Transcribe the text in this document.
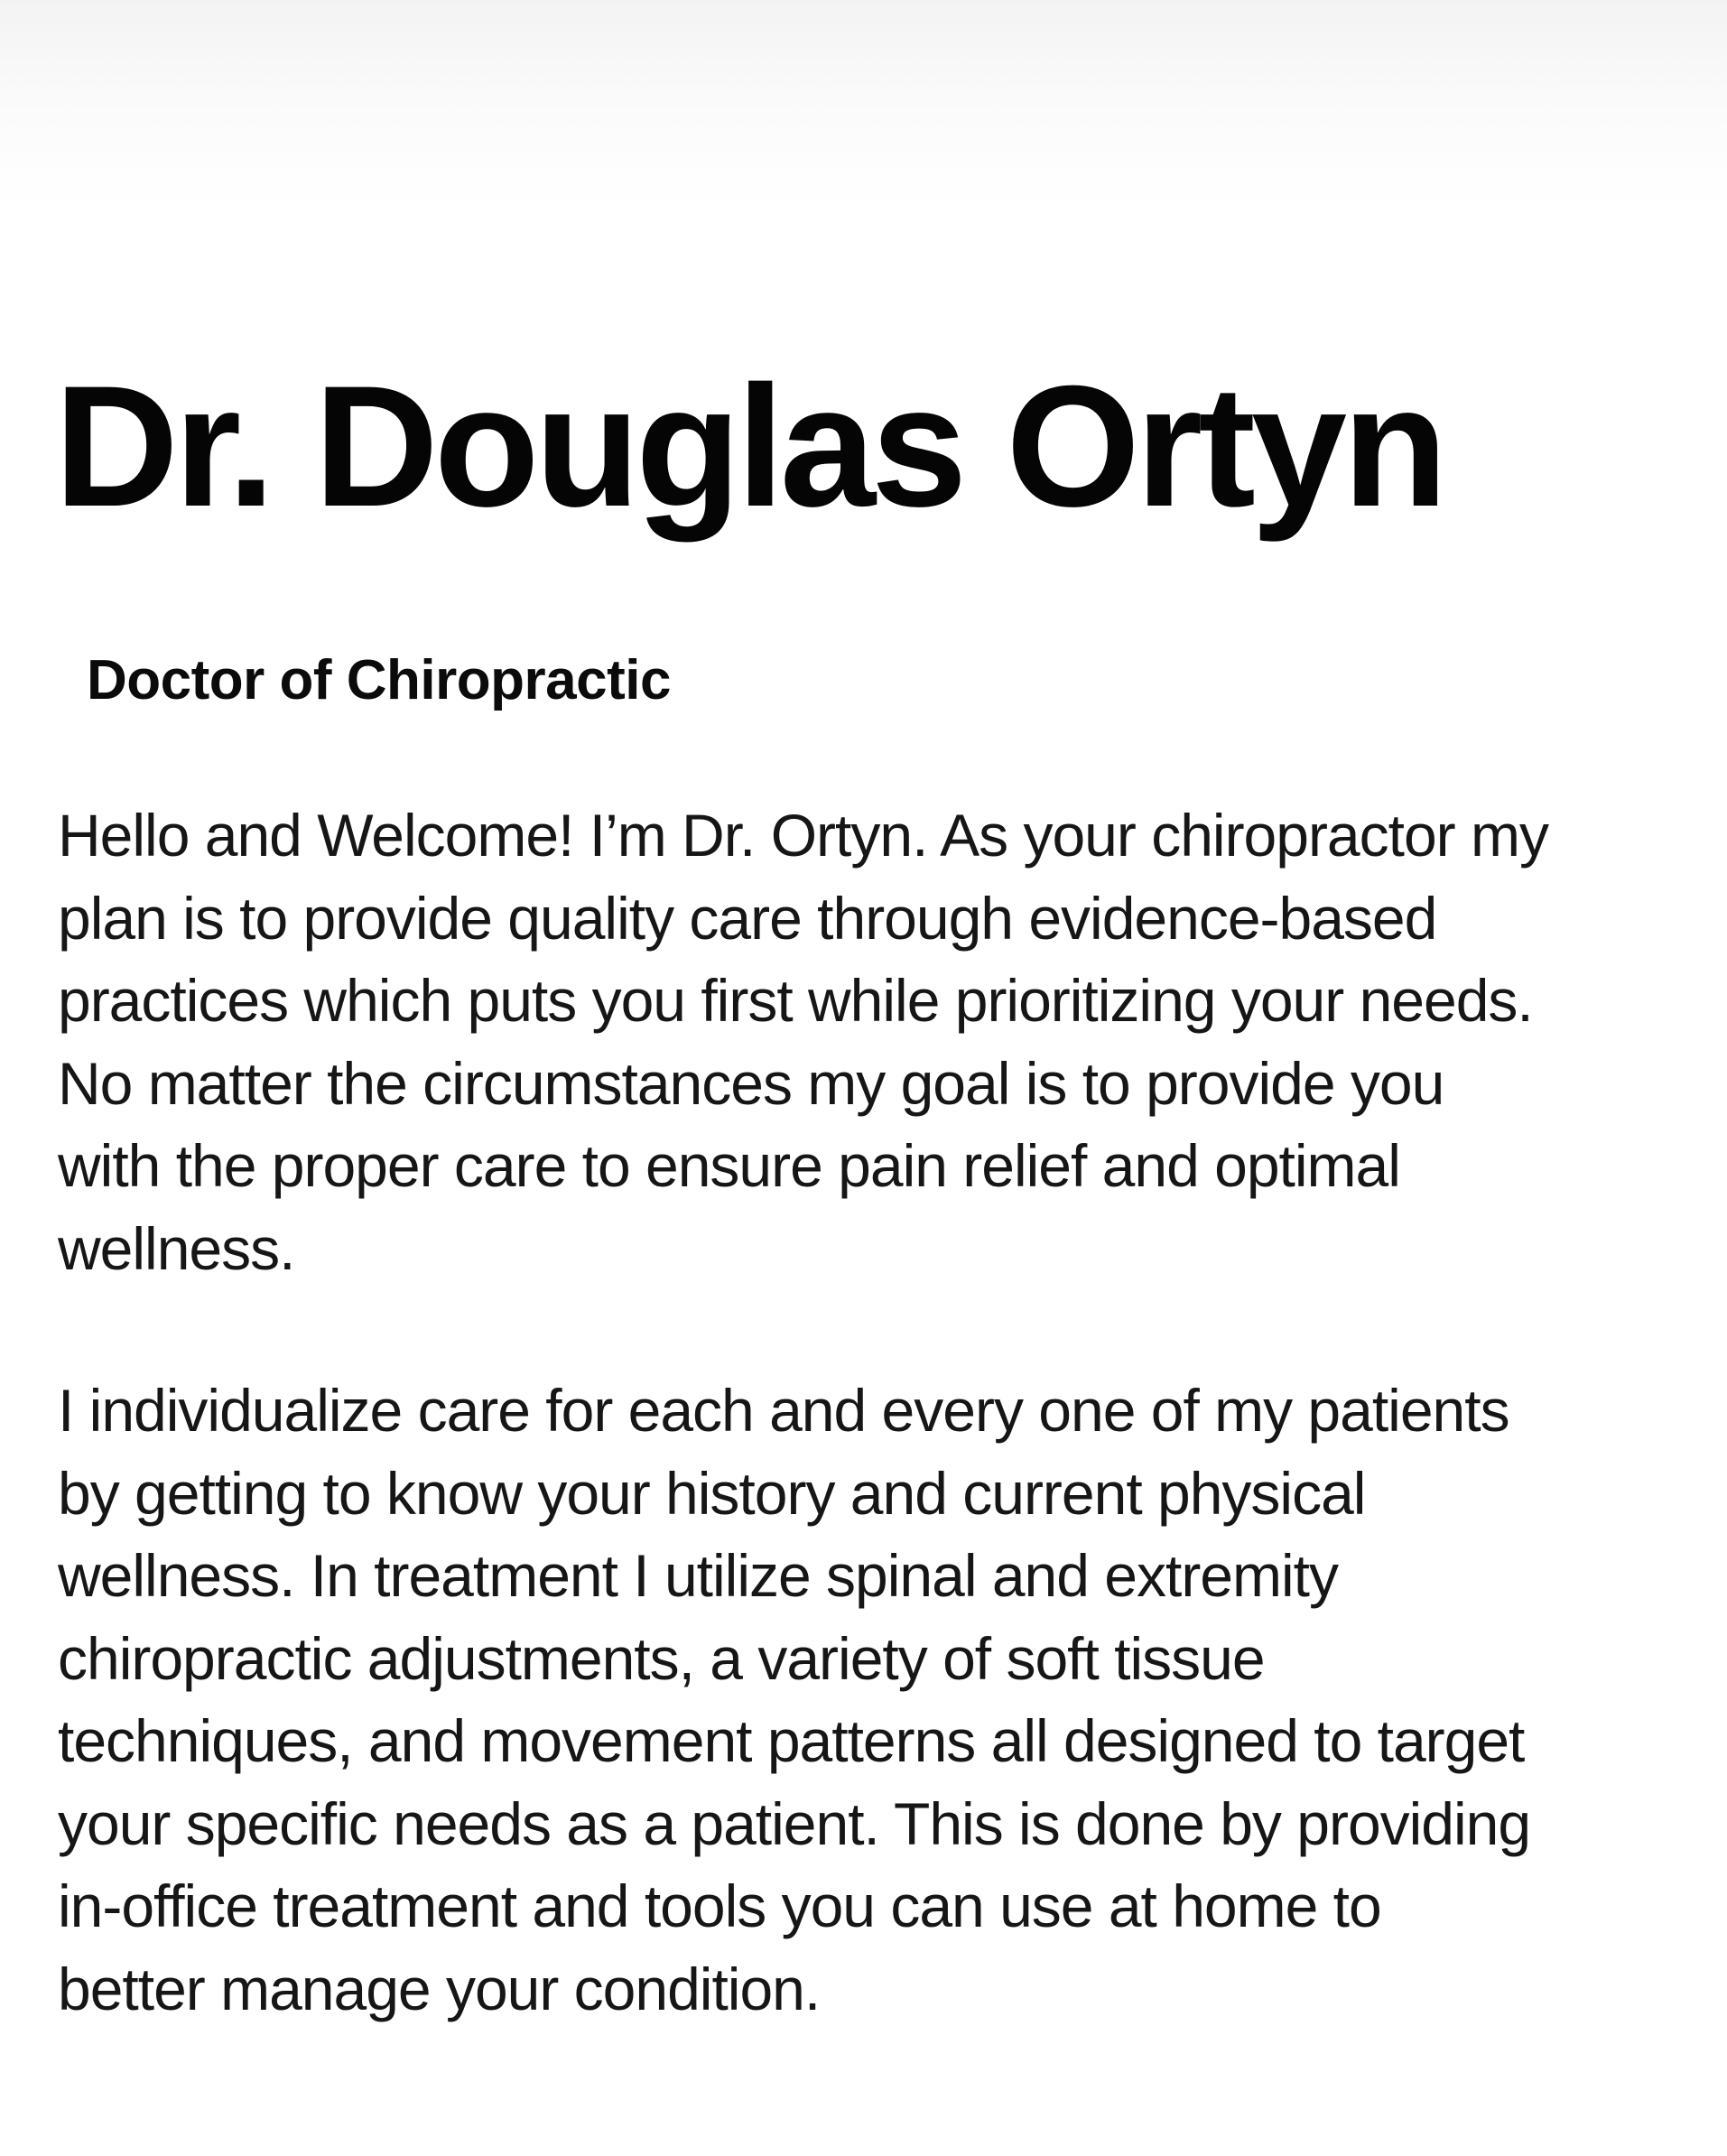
Dr. Douglas Ortyn
Doctor of Chiropractic

Hello and Welcome! I’m Dr. Ortyn. As your chiropractor my
plan is to provide quality care through evidence-based
practices which puts you first while prioritizing your needs.
No matter the circumstances my goal is to provide you
with the proper care to ensure pain relief and optimal
wellness.

I individualize care for each and every one of my patients
by getting to know your history and current physical
wellness. In treatment I utilize spinal and extremity
chiropractic adjustments, a variety of soft tissue
techniques, and movement patterns all designed to target
your specific needs as a patient. This is done by providing
in-office treatment and tools you can use at home to
better manage your condition.
